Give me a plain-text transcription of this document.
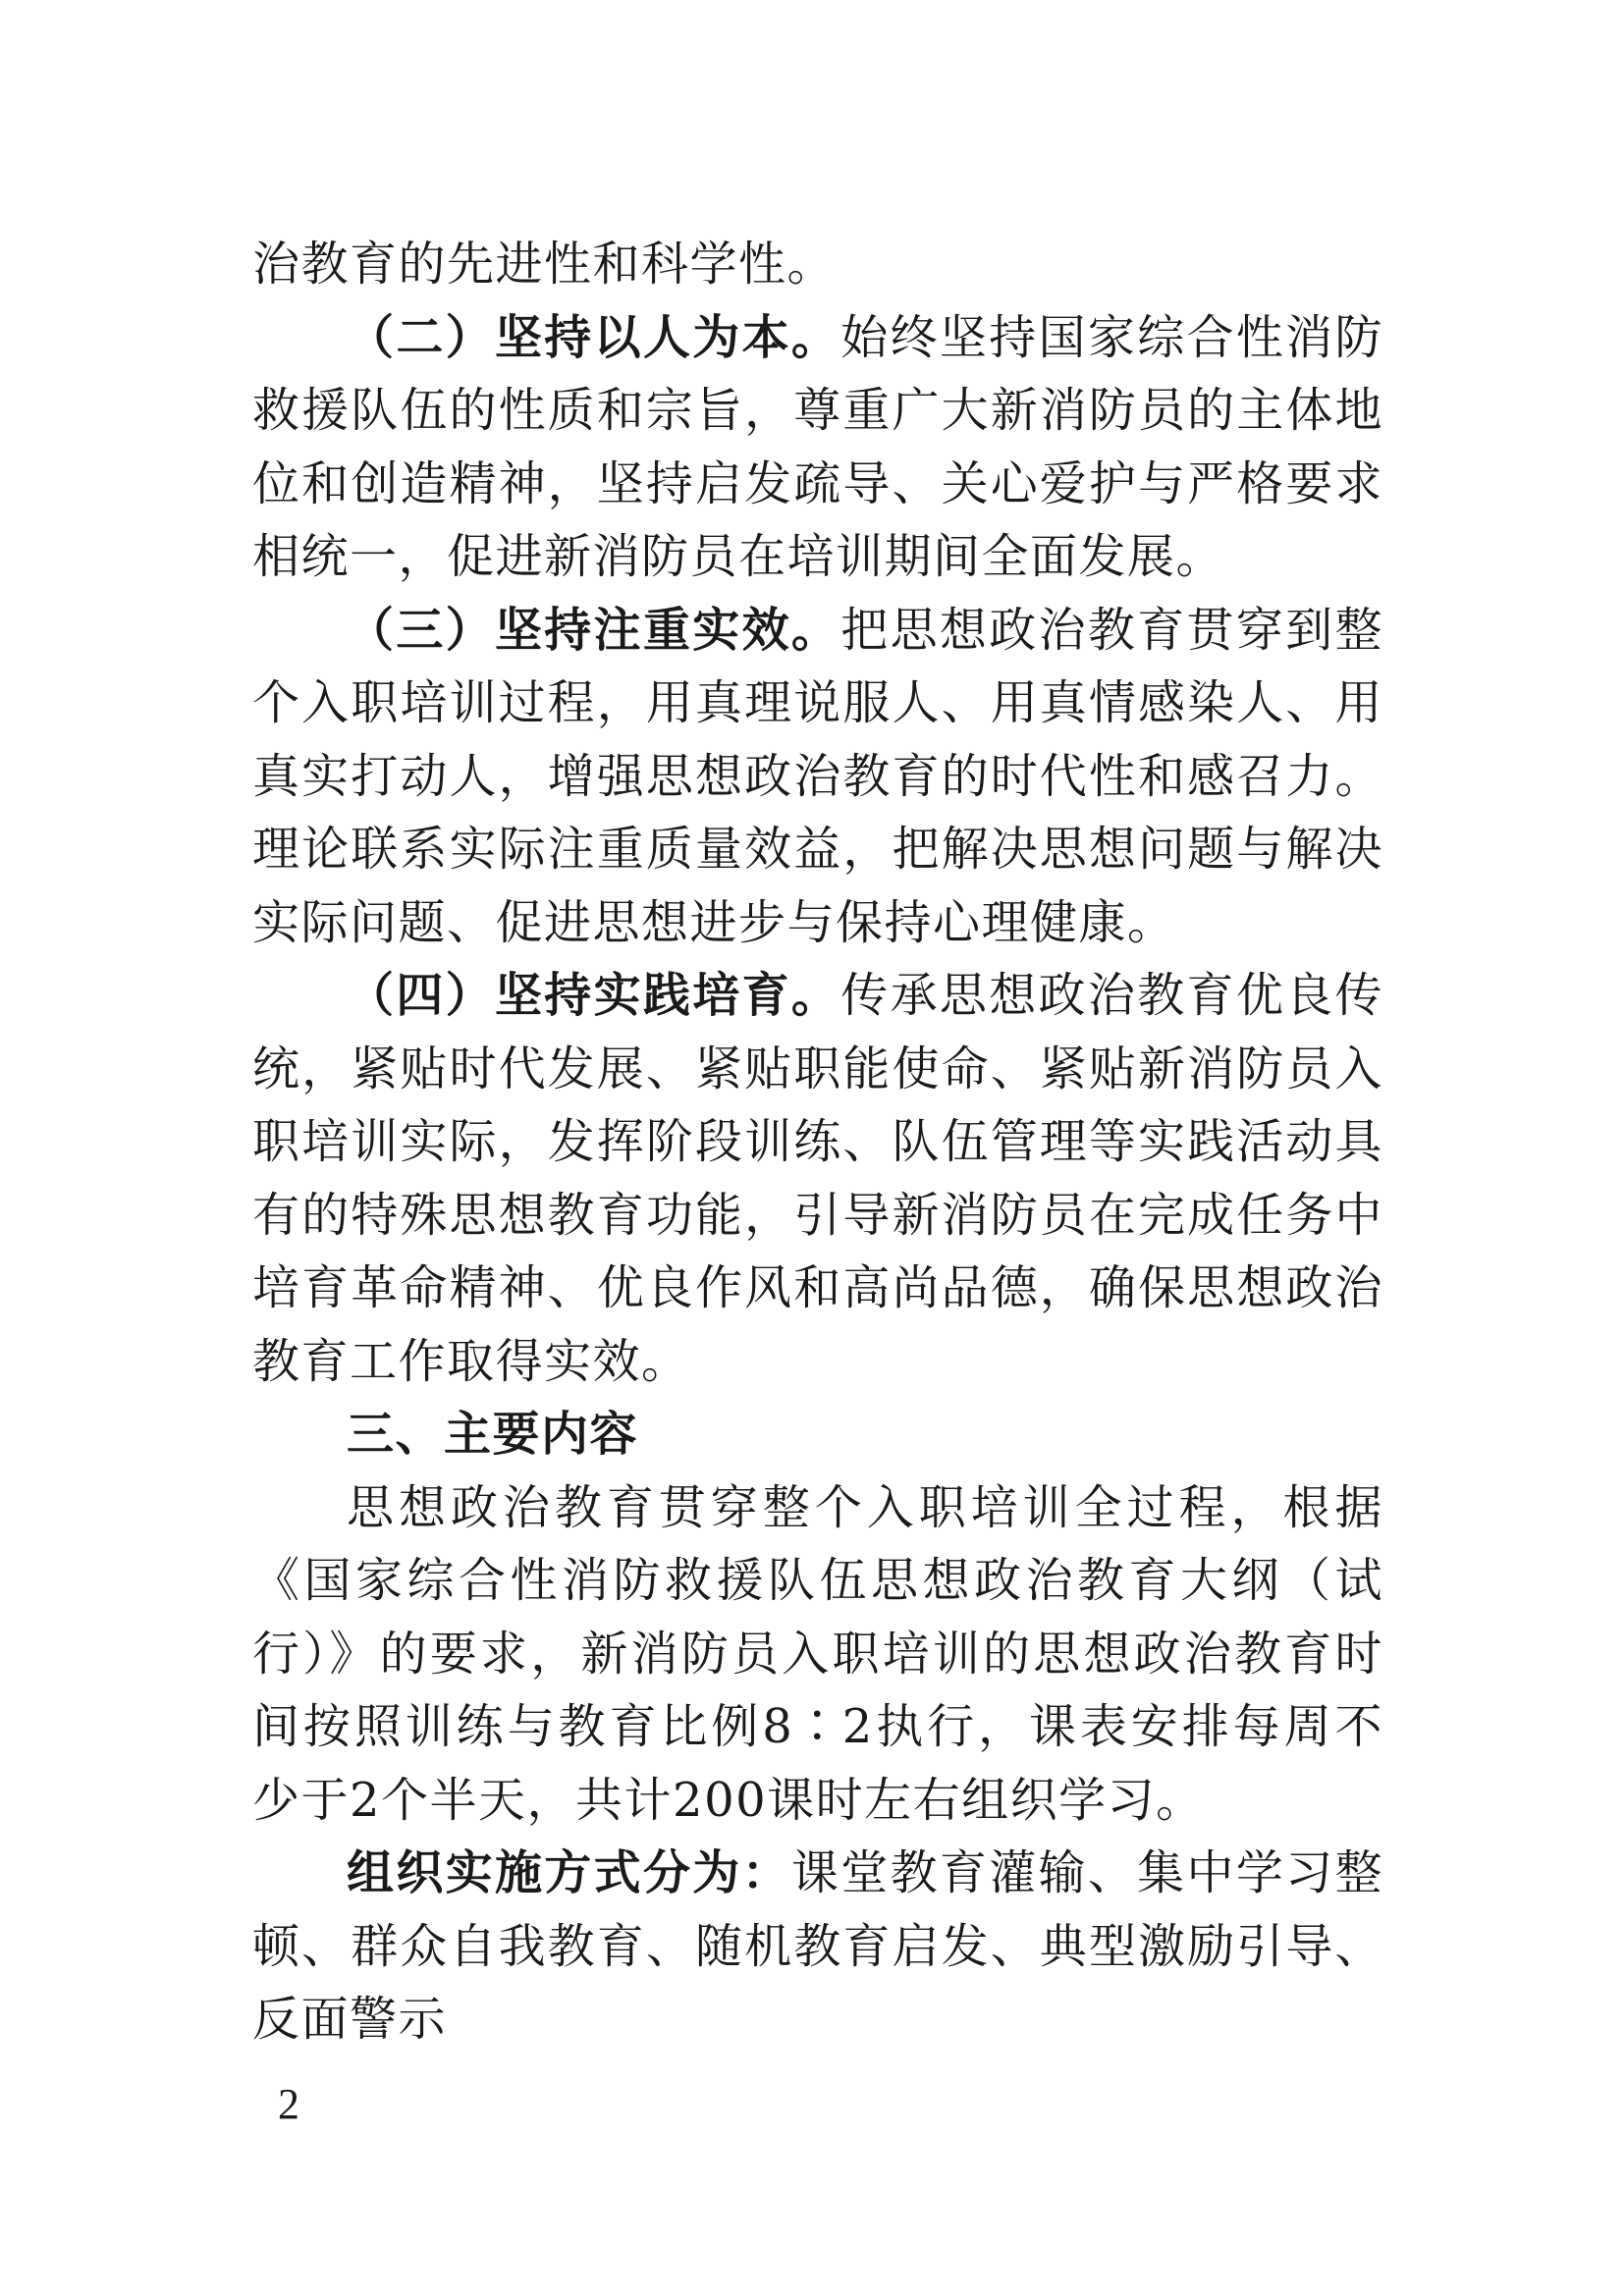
治教育的先进性和科学性。

（二）坚持以人为本。始终坚持国家综合性消防救援队伍的性质和宗旨，尊重广大新消防员的主体地位和创造精神，坚持启发疏导、关心爱护与严格要求相统一，促进新消防员在培训期间全面发展。

（三）坚持注重实效。把思想政治教育贯穿到整个入职培训过程，用真理说服人、用真情感染人、用真实打动人，增强思想政治教育的时代性和感召力。理论联系实际注重质量效益，把解决思想问题与解决实际问题、促进思想进步与保持心理健康。

（四）坚持实践培育。传承思想政治教育优良传统，紧贴时代发展、紧贴职能使命、紧贴新消防员入职培训实际，发挥阶段训练、队伍管理等实践活动具有的特殊思想教育功能，引导新消防员在完成任务中培育革命精神、优良作风和高尚品德，确保思想政治教育工作取得实效。

三、主要内容

思想政治教育贯穿整个入职培训全过程，根据《国家综合性消防救援队伍思想政治教育大纲（试行）》的要求，新消防员入职培训的思想政治教育时间按照训练与教育比例8∶2执行，课表安排每周不少于2个半天，共计200课时左右组织学习。

组织实施方式分为：课堂教育灌输、集中学习整顿、群众自我教育、随机教育启发、典型激励引导、反面警示

2
